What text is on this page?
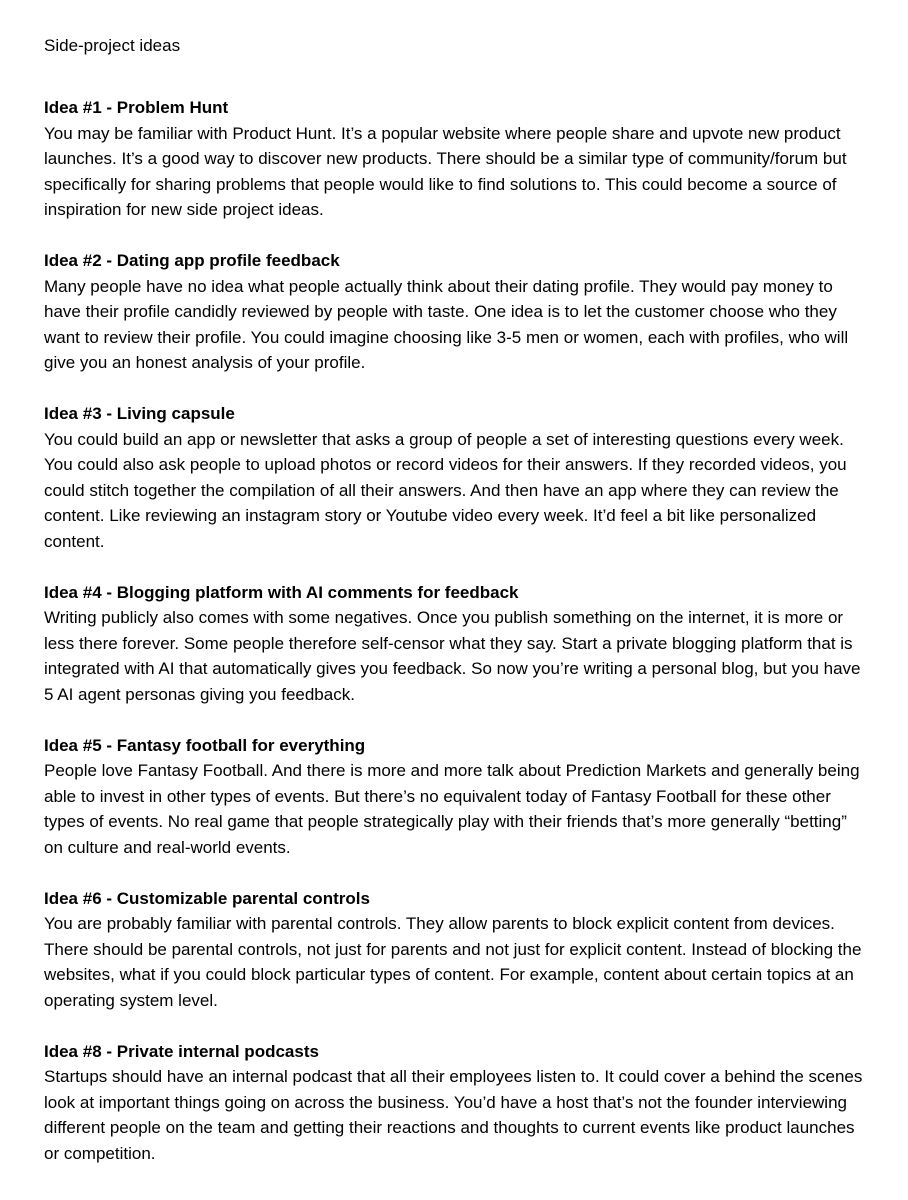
Side-project ideas

Idea #1 - Problem Hunt

You may be familiar with Product Hunt. It’s a popular website where people share and upvote new product launches. It’s a good way to discover new products. There should be a similar type of community/forum but specifically for sharing problems that people would like to find solutions to. This could become a source of inspiration for new side project ideas.

Idea #2 - Dating app profile feedback

Many people have no idea what people actually think about their dating profile. They would pay money to have their profile candidly reviewed by people with taste. One idea is to let the customer choose who they want to review their profile. You could imagine choosing like 3-5 men or women, each with profiles, who will give you an honest analysis of your profile.

Idea #3 - Living capsule

You could build an app or newsletter that asks a group of people a set of interesting questions every week. You could also ask people to upload photos or record videos for their answers. If they recorded videos, you could stitch together the compilation of all their answers. And then have an app where they can review the content. Like reviewing an instagram story or Youtube video every week. It’d feel a bit like personalized content.

Idea #4 - Blogging platform with AI comments for feedback

Writing publicly also comes with some negatives. Once you publish something on the internet, it is more or less there forever. Some people therefore self-censor what they say. Start a private blogging platform that is integrated with AI that automatically gives you feedback. So now you’re writing a personal blog, but you have 5 AI agent personas giving you feedback.

Idea #5 - Fantasy football for everything

People love Fantasy Football. And there is more and more talk about Prediction Markets and generally being able to invest in other types of events. But there’s no equivalent today of Fantasy Football for these other types of events. No real game that people strategically play with their friends that’s more generally “betting” on culture and real-world events.

Idea #6 - Customizable parental controls

You are probably familiar with parental controls. They allow parents to block explicit content from devices. There should be parental controls, not just for parents and not just for explicit content. Instead of blocking the websites, what if you could block particular types of content. For example, content about certain topics at an operating system level.

Idea #8 - Private internal podcasts

Startups should have an internal podcast that all their employees listen to. It could cover a behind the scenes look at important things going on across the business. You’d have a host that’s not the founder interviewing different people on the team and getting their reactions and thoughts to current events like product launches or competition.
